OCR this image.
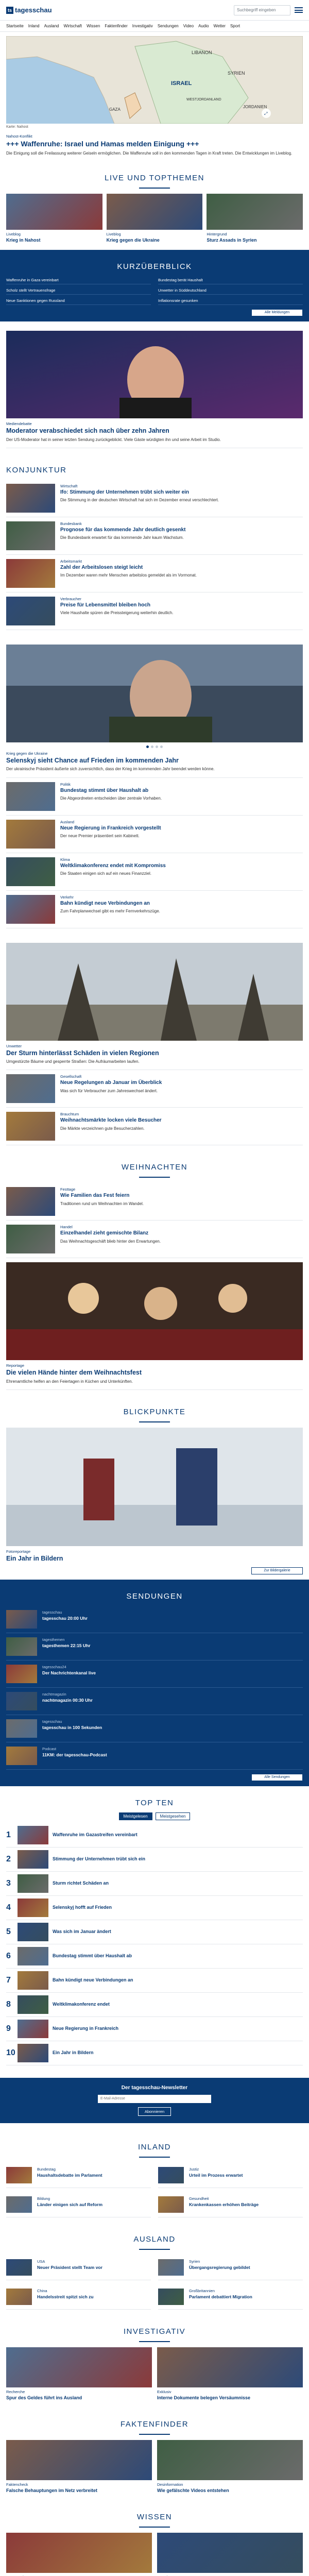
ts tagesschau	Suchbegriff eingeben
Startseite Inland Ausland Wirtschaft Wissen Faktenfinder Investigativ Sendungen Video Audio Wetter Sport
LIBANON
SYRIEN
ISRAEL
GAZA
JORDANIEN
WESTJORDANLAND
⤢
Karte: Nahost
Nahost-Konflikt
+++ Waffenruhe: Israel und Hamas melden Einigung +++
Die Einigung soll die Freilassung weiterer Geiseln ermöglichen. Die Waffenruhe soll in den kommenden Tagen in Kraft treten. Die Entwicklungen im Liveblog.
LIVE UND TOPTHEMEN
Liveblog
Krieg in Nahost
Liveblog
Krieg gegen die Ukraine
Hintergrund
Sturz Assads in Syrien
KURZÜBERBLICK
Waffenruhe in Gaza vereinbart	Bundestag berät Haushalt
Scholz stellt Vertrauensfrage	Unwetter in Süddeutschland
Neue Sanktionen gegen Russland	Inflationsrate gesunken
Alle Meldungen
Mediendebatte
Moderator verabschiedet sich nach über zehn Jahren
Der US-Moderator hat in seiner letzten Sendung zurückgeblickt. Viele Gäste würdigten ihn und seine Arbeit im Studio.
KONJUNKTUR
Wirtschaft
Ifo: Stimmung der Unternehmen trübt sich weiter ein
Die Stimmung in der deutschen Wirtschaft hat sich im Dezember erneut verschlechtert.
Bundesbank
Prognose für das kommende Jahr deutlich gesenkt
Die Bundesbank erwartet für das kommende Jahr kaum Wachstum.
Arbeitsmarkt
Zahl der Arbeitslosen steigt leicht
Im Dezember waren mehr Menschen arbeitslos gemeldet als im Vormonat.
Verbraucher
Preise für Lebensmittel bleiben hoch
Viele Haushalte spüren die Preissteigerung weiterhin deutlich.
Krieg gegen die Ukraine
Selenskyj sieht Chance auf Frieden im kommenden Jahr
Der ukrainische Präsident äußerte sich zuversichtlich, dass der Krieg im kommenden Jahr beendet werden könne.
Politik
Bundestag stimmt über Haushalt ab
Die Abgeordneten entscheiden über zentrale Vorhaben.
Ausland
Neue Regierung in Frankreich vorgestellt
Der neue Premier präsentiert sein Kabinett.
Klima
Weltklimakonferenz endet mit Kompromiss
Die Staaten einigen sich auf ein neues Finanzziel.
Verkehr
Bahn kündigt neue Verbindungen an
Zum Fahrplanwechsel gibt es mehr Fernverkehrszüge.
Unwetter
Der Sturm hinterlässt Schäden in vielen Regionen
Umgestürzte Bäume und gesperrte Straßen: Die Aufräumarbeiten laufen.
Gesellschaft
Neue Regelungen ab Januar im Überblick
Was sich für Verbraucher zum Jahreswechsel ändert.
Brauchtum
Weihnachtsmärkte locken viele Besucher
Die Märkte verzeichnen gute Besucherzahlen.
WEIHNACHTEN
Festtage
Wie Familien das Fest feiern
Traditionen rund um Weihnachten im Wandel.
Handel
Einzelhandel zieht gemischte Bilanz
Das Weihnachtsgeschäft blieb hinter den Erwartungen.
Reportage
Die vielen Hände hinter dem Weihnachtsfest
Ehrenamtliche helfen an den Feiertagen in Küchen und Unterkünften.
BLICKPUNKTE
Fotoreportage
Ein Jahr in Bildern
Zur Bildergalerie
SENDUNGEN
tagesschau
tagesschau 20:00 Uhr
tagesthemen
tagesthemen 22:15 Uhr
tagesschau24
Der Nachrichtenkanal live
nachtmagazin
nachtmagazin 00:30 Uhr
tagesschau
tagesschau in 100 Sekunden
Podcast
11KM: der tagesschau-Podcast
Alle Sendungen
TOP TEN
Meistgelesen	Meistgesehen
1	Waffenruhe im Gazastreifen vereinbart
2	Stimmung der Unternehmen trübt sich ein
3	Sturm richtet Schäden an
4	Selenskyj hofft auf Frieden
5	Was sich im Januar ändert
6	Bundestag stimmt über Haushalt ab
7	Bahn kündigt neue Verbindungen an
8	Weltklimakonferenz endet
9	Neue Regierung in Frankreich
10	Ein Jahr in Bildern
Der tagesschau-Newsletter
E-Mail-Adresse
Abonnieren
INLAND
Bundestag
Haushaltsdebatte im Parlament
Justiz
Urteil im Prozess erwartet
Bildung
Länder einigen sich auf Reform
Gesundheit
Krankenkassen erhöhen Beiträge
AUSLAND
USA
Neuer Präsident stellt Team vor
Syrien
Übergangsregierung gebildet
China
Handelsstreit spitzt sich zu
Großbritannien
Parlament debattiert Migration
INVESTIGATIV
Recherche
Spur des Geldes führt ins Ausland
Exklusiv
Interne Dokumente belegen Versäumnisse
FAKTENFINDER
Faktencheck
Falsche Behauptungen im Netz verbreitet
Desinformation
Wie gefälschte Videos entstehen
WISSEN
